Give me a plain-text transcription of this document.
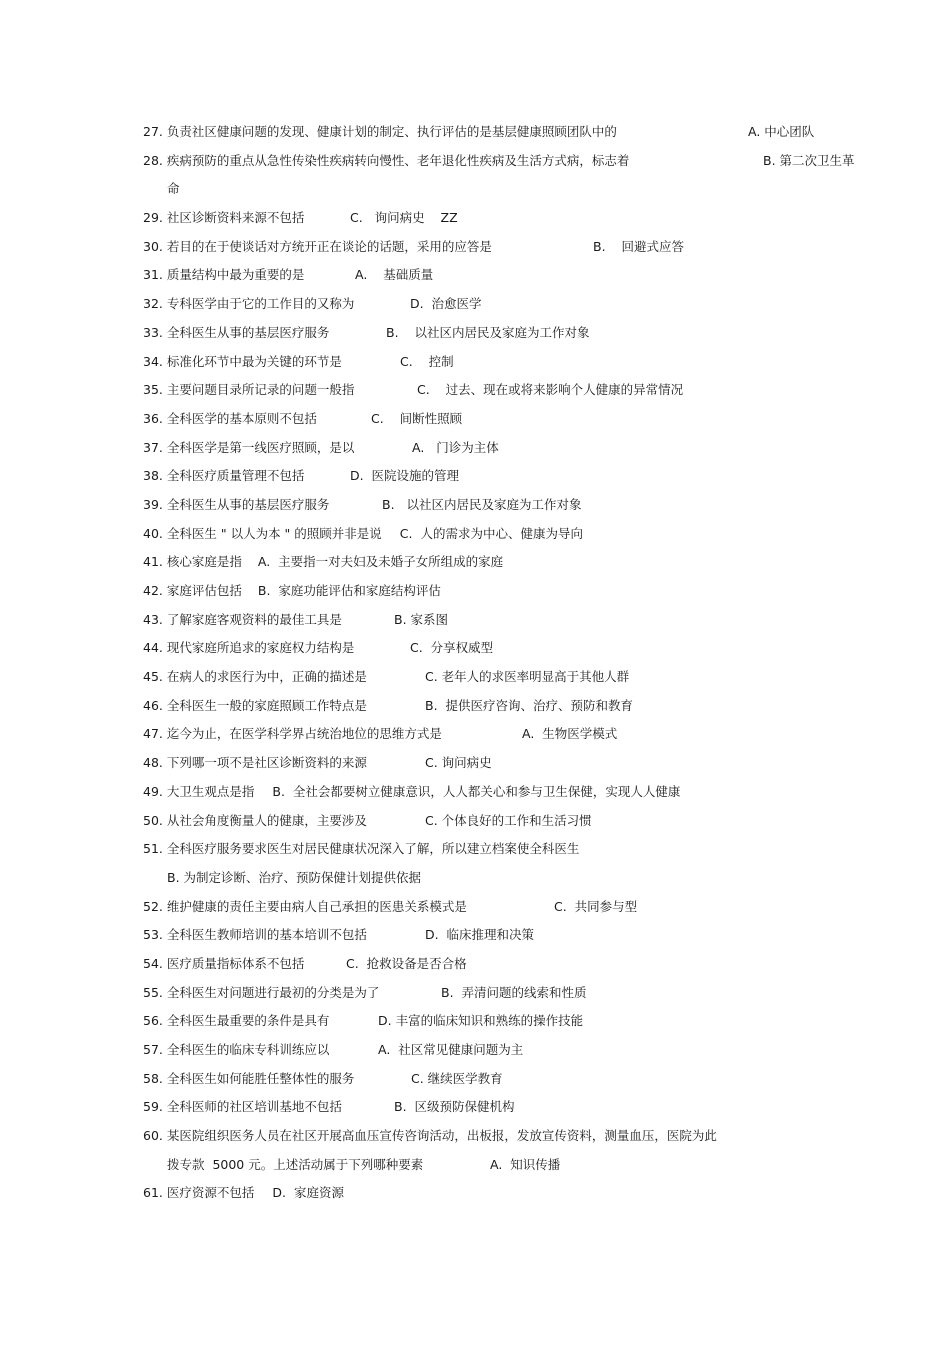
27. 负责社区健康问题的发现、健康计划的制定、执行评估的是基层健康照顾团队中的	A. 中心团队
28. 疾病预防的重点从急性传染性疾病转向慢性、老年退化性疾病及生活方式病，标志着	B. 第二次卫生革
命
29. 社区诊断资料来源不包括	C.   询问病史    ZZ
30. 若目的在于使谈话对方统开正在谈论的话题，采用的应答是	B.    回避式应答
31. 质量结构中最为重要的是	A.    基础质量
32. 专科医学由于它的工作目的又称为	D.  治愈医学
33. 全科医生从事的基层医疗服务	B.    以社区内居民及家庭为工作对象
34. 标准化环节中最为关键的环节是	C.    控制
35. 主要问题目录所记录的问题一般指	C.    过去、现在或将来影响个人健康的异常情况
36. 全科医学的基本原则不包括	C.    间断性照顾
37. 全科医学是第一线医疗照顾，是以	A.   门诊为主体
38. 全科医疗质量管理不包括	D.  医院设施的管理
39. 全科医生从事的基层医疗服务	B.   以社区内居民及家庭为工作对象
40. 全科医生 " 以人为本 " 的照顾并非是说 C.  人的需求为中心、健康为导向
41. 核心家庭是指 A.  主要指一对夫妇及未婚子女所组成的家庭
42. 家庭评估包括 B.  家庭功能评估和家庭结构评估
43. 了解家庭客观资料的最佳工具是	B. 家系图
44. 现代家庭所追求的家庭权力结构是	C.  分享权威型
45. 在病人的求医行为中，正确的描述是	C. 老年人的求医率明显高于其他人群
46. 全科医生一般的家庭照顾工作特点是	B.  提供医疗咨询、治疗、预防和教育
47. 迄今为止，在医学科学界占统治地位的思维方式是	A.  生物医学模式
48. 下列哪一项不是社区诊断资料的来源	C. 询问病史
49. 大卫生观点是指 B.  全社会都要树立健康意识，人人都关心和参与卫生保健，实现人人健康
50. 从社会角度衡量人的健康，主要涉及	C. 个体良好的工作和生活习惯
51. 全科医疗服务要求医生对居民健康状况深入了解，所以建立档案使全科医生
B. 为制定诊断、治疗、预防保健计划提供依据
52. 维护健康的责任主要由病人自己承担的医患关系模式是	C.  共同参与型
53. 全科医生教师培训的基本培训不包括	D.  临床推理和决策
54. 医疗质量指标体系不包括	C.  抢救设备是否合格
55. 全科医生对问题进行最初的分类是为了	B.  弄清问题的线索和性质
56. 全科医生最重要的条件是具有	D. 丰富的临床知识和熟练的操作技能
57. 全科医生的临床专科训练应以	A.  社区常见健康问题为主
58. 全科医生如何能胜任整体性的服务	C. 继续医学教育
59. 全科医师的社区培训基地不包括	B.  区级预防保健机构
60. 某医院组织医务人员在社区开展高血压宣传咨询活动，出板报，发放宣传资料，测量血压，医院为此
拨专款  5000 元。上述活动属于下列哪种要素	A.  知识传播
61. 医疗资源不包括 D.  家庭资源
